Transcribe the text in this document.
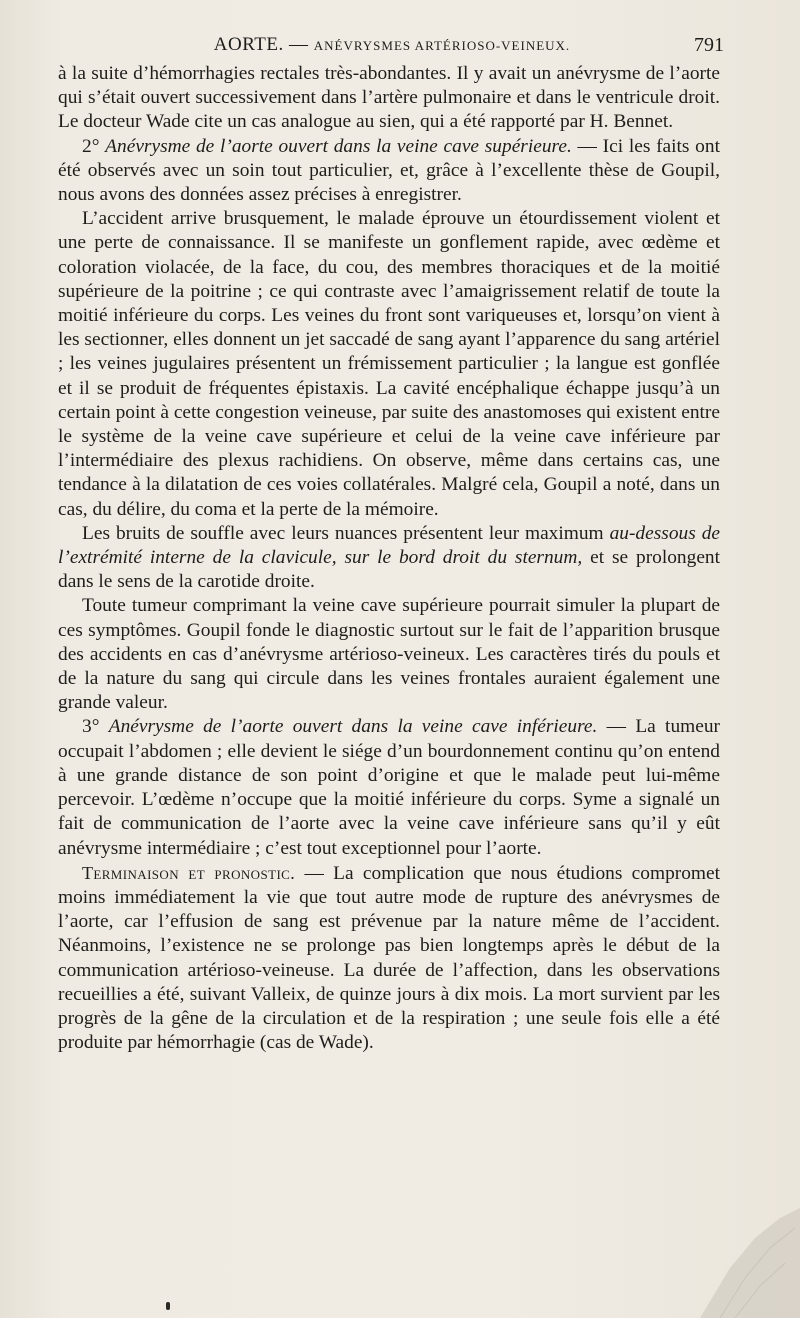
AORTE. — ANÉVRYSMES ARTÉRIOSO-VEINEUX.	791

à la suite d’hémorrhagies rectales très-abondantes. Il y avait un anévrysme de l’aorte qui s’était ouvert successivement dans l’artère pulmonaire et dans le ventricule droit. Le docteur Wade cite un cas analogue au sien, qui a été rapporté par H. Bennet.

2° Anévrysme de l’aorte ouvert dans la veine cave supérieure. — Ici les faits ont été observés avec un soin tout particulier, et, grâce à l’excellente thèse de Goupil, nous avons des données assez précises à enregistrer.

L’accident arrive brusquement, le malade éprouve un étourdissement violent et une perte de connaissance. Il se manifeste un gonflement rapide, avec œdème et coloration violacée, de la face, du cou, des membres thoraciques et de la moitié supérieure de la poitrine ; ce qui contraste avec l’amaigrissement relatif de toute la moitié inférieure du corps. Les veines du front sont variqueuses et, lorsqu’on vient à les sectionner, elles donnent un jet saccadé de sang ayant l’apparence du sang artériel ; les veines jugulaires présentent un frémissement particulier ; la langue est gonflée et il se produit de fréquentes épistaxis. La cavité encéphalique échappe jusqu’à un certain point à cette congestion veineuse, par suite des anastomoses qui existent entre le système de la veine cave supérieure et celui de la veine cave inférieure par l’intermédiaire des plexus rachidiens. On observe, même dans certains cas, une tendance à la dilatation de ces voies collatérales. Malgré cela, Goupil a noté, dans un cas, du délire, du coma et la perte de la mémoire.

Les bruits de souffle avec leurs nuances présentent leur maximum au-dessous de l’extrémité interne de la clavicule, sur le bord droit du sternum, et se prolongent dans le sens de la carotide droite.

Toute tumeur comprimant la veine cave supérieure pourrait simuler la plupart de ces symptômes. Goupil fonde le diagnostic surtout sur le fait de l’apparition brusque des accidents en cas d’anévrysme artérioso-veineux. Les caractères tirés du pouls et de la nature du sang qui circule dans les veines frontales auraient également une grande valeur.

3° Anévrysme de l’aorte ouvert dans la veine cave inférieure. — La tumeur occupait l’abdomen ; elle devient le siége d’un bourdonnement continu qu’on entend à une grande distance de son point d’origine et que le malade peut lui-même percevoir. L’œdème n’occupe que la moitié inférieure du corps. Syme a signalé un fait de communication de l’aorte avec la veine cave inférieure sans qu’il y eût anévrysme intermédiaire ; c’est tout exceptionnel pour l’aorte.

Terminaison et pronostic. — La complication que nous étudions compromet moins immédiatement la vie que tout autre mode de rupture des anévrysmes de l’aorte, car l’effusion de sang est prévenue par la nature même de l’accident. Néanmoins, l’existence ne se prolonge pas bien longtemps après le début de la communication artérioso-veineuse. La durée de l’affection, dans les observations recueillies a été, suivant Valleix, de quinze jours à dix mois. La mort survient par les progrès de la gêne de la circulation et de la respiration ; une seule fois elle a été produite par hémorrhagie (cas de Wade).
